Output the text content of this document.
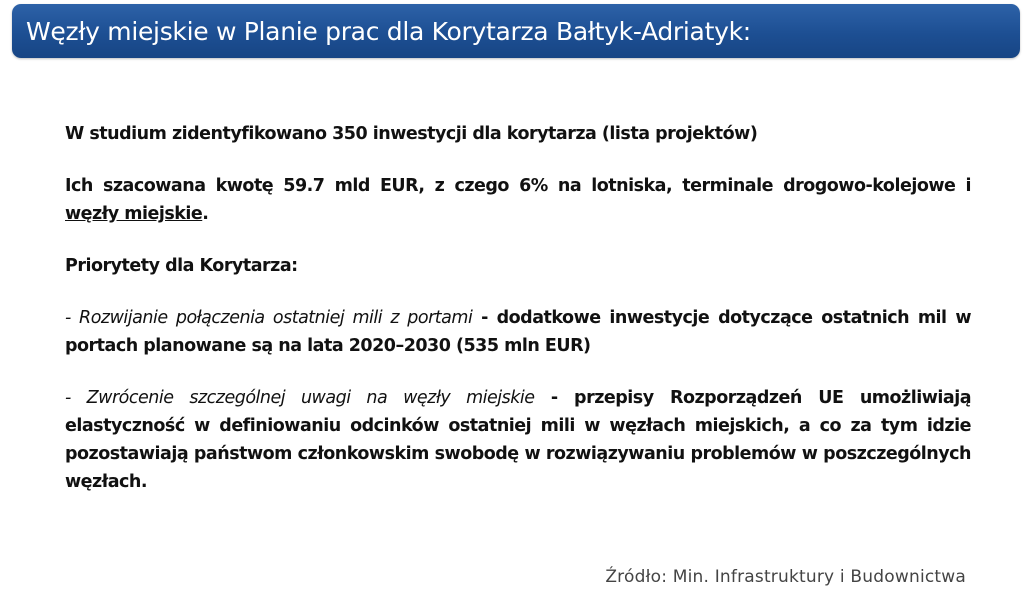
Węzły miejskie w Planie prac dla Korytarza Bałtyk-Adriatyk:

W studium zidentyfikowano 350 inwestycji dla korytarza (lista projektów)

Ich szacowana kwotę 59.7 mld EUR, z czego 6% na lotniska, terminale drogowo-kolejowe i węzły miejskie.

Priorytety dla Korytarza:

- Rozwijanie połączenia ostatniej mili z portami - dodatkowe inwestycje dotyczące ostatnich mil w portach planowane są na lata 2020–2030 (535 mln EUR)

- Zwrócenie szczególnej uwagi na węzły miejskie - przepisy Rozporządzeń UE umożliwiają elastyczność w definiowaniu odcinków ostatniej mili w węzłach miejskich, a co za tym idzie pozostawiają państwom członkowskim swobodę w rozwiązywaniu problemów w poszczególnych węzłach.

Źródło: Min. Infrastruktury i Budownictwa
